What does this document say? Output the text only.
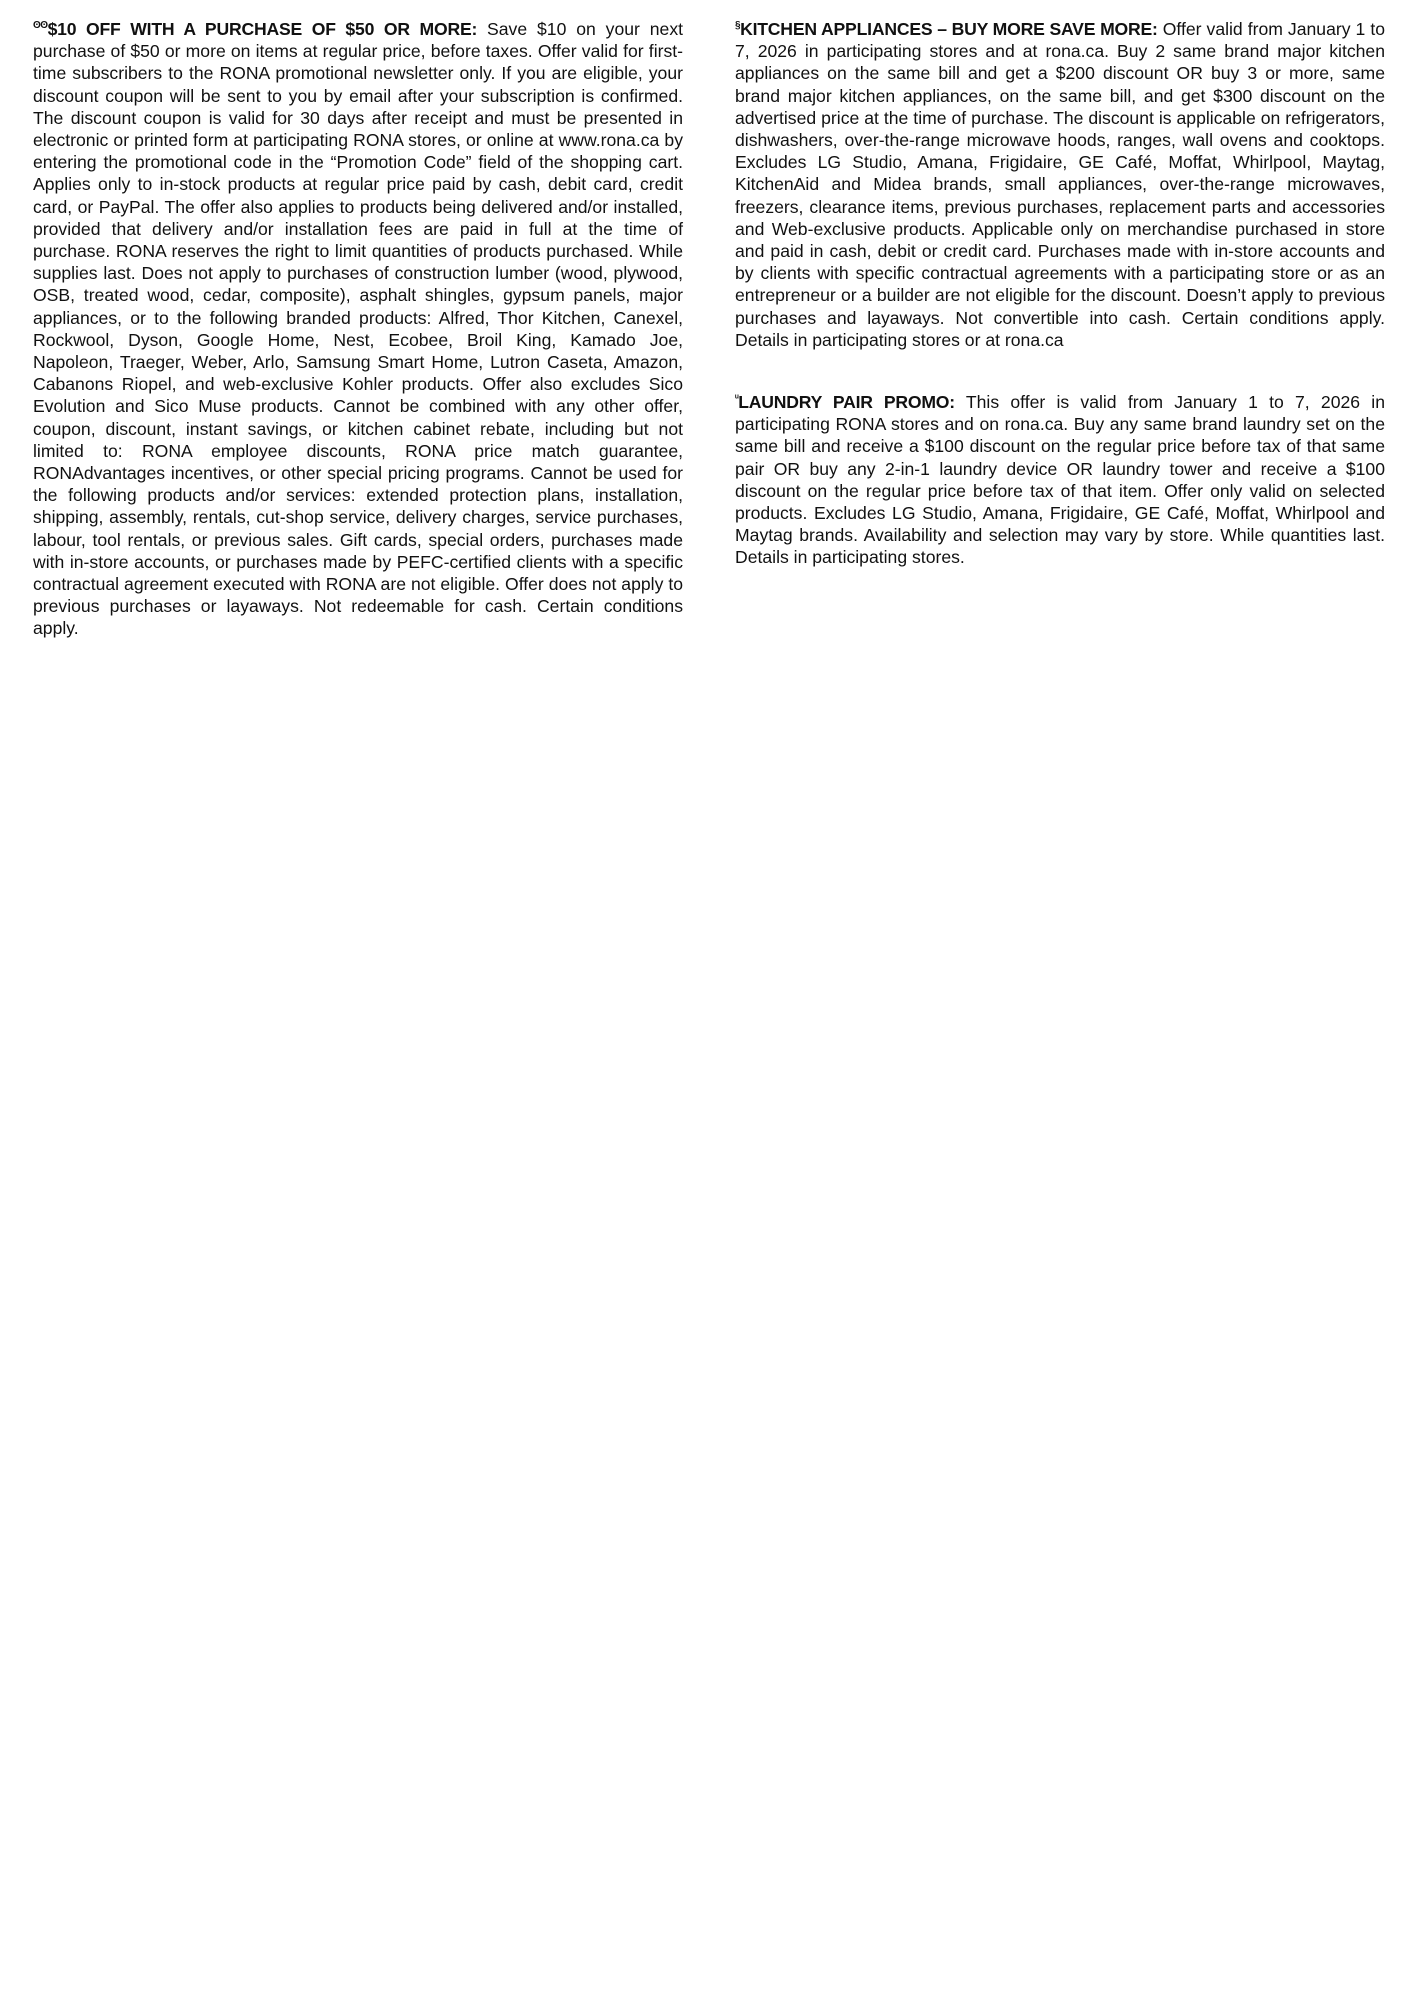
$^{ʘʘ}$\$10 OFF WITH A PURCHASE OF $50 OR MORE: Save $10 on your next purchase of $50 or more on items at regular price, before taxes. Offer valid for first-time subscribers to the RONA promotional newsletter only. If you are eligible, your discount coupon will be sent to you by email after your subscription is confirmed. The discount coupon is valid for 30 days after receipt and must be presented in electronic or printed form at participating RONA stores, or online at www.rona.ca by entering the promotional code in the “Promotion Code” field of the shopping cart. Applies only to in-stock products at regular price paid by cash, debit card, credit card, or PayPal. The offer also applies to products being delivered and/or installed, provided that delivery and/or installation fees are paid in full at the time of purchase. RONA reserves the right to limit quantities of products purchased. While supplies last. Does not apply to purchases of construction lumber (wood, plywood, OSB, treated wood, cedar, composite), asphalt shingles, gypsum panels, major appliances, or to the following branded products: Alfred, Thor Kitchen, Canexel, Rockwool, Dyson, Google Home, Nest, Ecobee, Broil King, Kamado Joe, Napoleon, Traeger, Weber, Arlo, Samsung Smart Home, Lutron Caseta, Amazon, Cabanons Riopel, and web-exclusive Kohler products. Offer also excludes Sico Evolution and Sico Muse products. Cannot be combined with any other offer, coupon, discount, instant savings, or kitchen cabinet rebate, including but not limited to: RONA employee discounts, RONA price match guarantee, RONAdvantages incentives, or other special pricing programs. Cannot be used for the following products and/or services: extended protection plans, installation, shipping, assembly, rentals, cut-shop service, delivery charges, service purchases, labour, tool rentals, or previous sales. Gift cards, special orders, purchases made with in-store accounts, or purchases made by PEFC-certified clients with a specific contractual agreement executed with RONA are not eligible. Offer does not apply to previous purchases or layaways. Not redeemable for cash. Certain conditions apply.

§KITCHEN APPLIANCES – BUY MORE SAVE MORE: Offer valid from January 1 to 7, 2026 in participating stores and at rona.ca. Buy 2 same brand major kitchen appliances on the same bill and get a $200 discount OR buy 3 or more, same brand major kitchen appliances, on the same bill, and get $300 discount on the advertised price at the time of purchase. The discount is applicable on refrigerators, dishwashers, over-the-range microwave hoods, ranges, wall ovens and cooktops. Excludes LG Studio, Amana, Frigidaire, GE Café, Moffat, Whirlpool, Maytag, KitchenAid and Midea brands, small appliances, over-the-range microwaves, freezers, clearance items, previous purchases, replacement parts and accessories and Web-exclusive products. Applicable only on merchandise purchased in store and paid in cash, debit or credit card. Purchases made with in-store accounts and by clients with specific contractual agreements with a participating store or as an entrepreneur or a builder are not eligible for the discount. Doesn’t apply to previous purchases and layaways. Not convertible into cash. Certain conditions apply. Details in participating stores or at rona.ca

$^ᵘ$LAUNDRY PAIR PROMO: This offer is valid from January 1 to 7, 2026 in participating RONA stores and on rona.ca. Buy any same brand laundry set on the same bill and receive a $100 discount on the regular price before tax of that same pair OR buy any 2-in-1 laundry device OR laundry tower and receive a $100 discount on the regular price before tax of that item. Offer only valid on selected products. Excludes LG Studio, Amana, Frigidaire, GE Café, Moffat, Whirlpool and Maytag brands. Availability and selection may vary by store. While quantities last. Details in participating stores.
